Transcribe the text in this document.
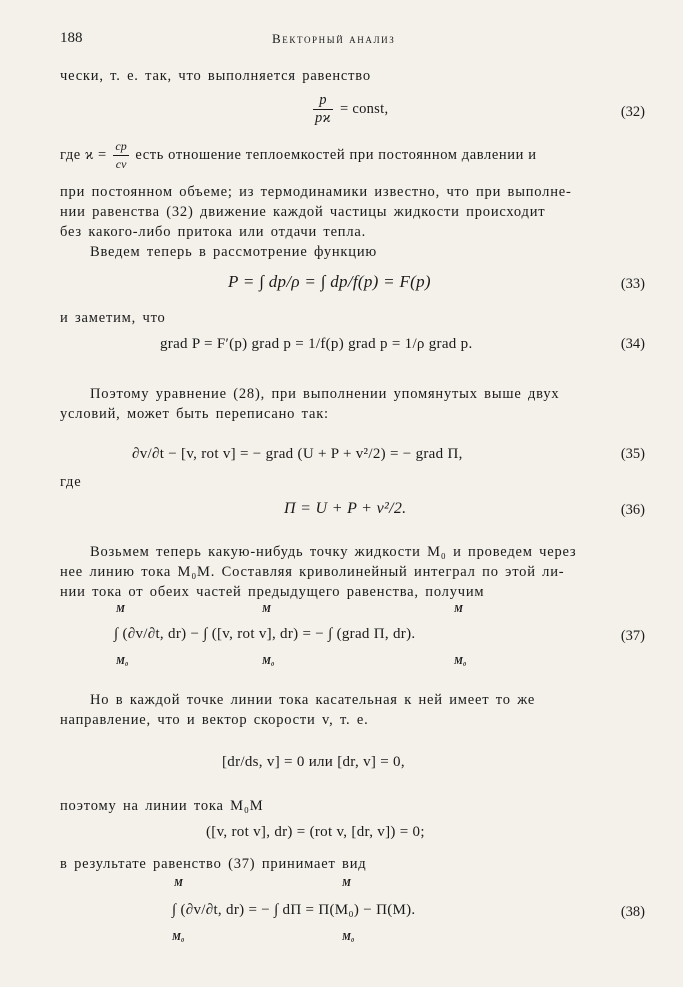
188	Векторный анализ
чески, т. е. так, что выполняется равенство
$\frac{p}{pϰ}$ = const,	(32)
где $ϰ = \frac{cp}{cv}$ есть отношение теплоемкостей при постоянном давлении и
при постоянном объеме; из термодинамики известно, что при выполне-
нии равенства (32) движение каждой частицы жидкости происходит
без какого-либо притока или отдачи тепла.
Введем теперь в рассмотрение функцию
P = ∫ dp/ρ = ∫ dp/f(p) = F(p)	(33)
и заметим, что
grad P = F′(p) grad p = 1/f(p) grad p = 1/ρ grad p.	(34)
Поэтому уравнение (28), при выполнении упомянутых выше двух
условий, может быть переписано так:
∂v/∂t − [v, rot v] = − grad (U + P + v²/2) = − grad Π,	(35)
где
Π = U + P + v²/2.	(36)
Возьмем теперь какую-нибудь точку жидкости M₀ и проведем через
нее линию тока M₀M. Составляя криволинейный интеграл по этой ли-
нии тока от обеих частей предыдущего равенства, получим
M	M	M
∫ (∂v/∂t, dr) − ∫ ([v, rot v], dr) = − ∫ (grad Π, dr).
M₀	M₀	M₀
(37)
Но в каждой точке линии тока касательная к ней имеет то же
направление, что и вектор скорости v, т. е.
[dr/ds, v] = 0 или [dr, v] = 0,
поэтому на линии тока M₀M
([v, rot v], dr) = (rot v, [dr, v]) = 0;
в результате равенство (37) принимает вид
M	M
∫ (∂v/∂t, dr) = − ∫ dΠ = Π(M₀) − Π(M).
M₀	M₀
(38)
